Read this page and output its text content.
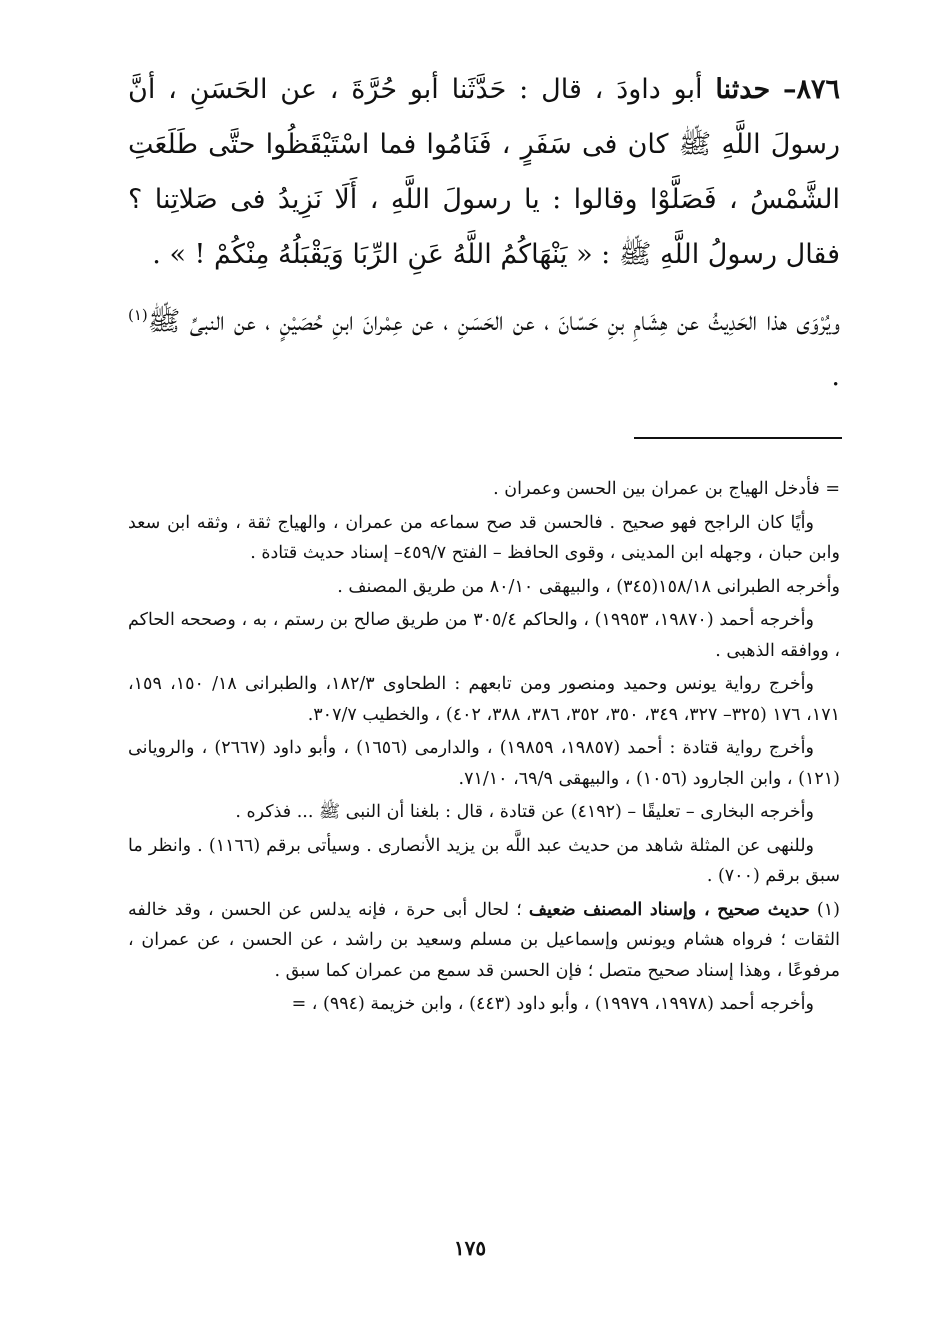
٨٧٦– حدثنا أبو داودَ ، قال : حَدَّثَنا أبو حُرَّةَ ، عن الحَسَنِ ، أنَّ رسولَ اللَّهِ ﷺ كان فى سَفَرٍ ، فَنَامُوا فما اسْتَيْقَظُوا حتَّى طَلَعَتِ الشَّمْسُ ، فَصَلَّوْا وقالوا : يا رسولَ اللَّهِ ، أَلَا نَزِيدُ فى صَلاتِنا ؟ فقال رسولُ اللَّهِ ﷺ : « يَنْهَاكُمُ اللَّهُ عَنِ الرِّبَا وَيَقْبَلُهُ مِنْكُمْ ! » .

ويُرْوَى هذا الحَدِيثُ عن هِشَامِ بنِ حَسّانَ ، عن الحَسَنِ ، عن عِمْرانَ ابنِ حُصَيْنٍ ، عن النبىِّ ﷺ$^{(١)}$ .

= فأدخل الهياج بن عمران بين الحسن وعمران .

وأيًا كان الراجح فهو صحيح . فالحسن قد صح سماعه من عمران ، والهياج ثقة ، وثقه ابن سعد وابن حبان ، وجهله ابن المدينى ، وقوى الحافظ – الفتح ٤٥٩/٧– إسناد حديث قتادة .

وأخرجه الطبرانى ١٥٨/١٨(٣٤٥) ، والبيهقى ٨٠/١٠ من طريق المصنف .

وأخرجه أحمد (١٩٨٧٠، ١٩٩٥٣) ، والحاكم ٣٠٥/٤ من طريق صالح بن رستم ، به ، وصححه الحاكم ، ووافقه الذهبى .

وأخرج رواية يونس وحميد ومنصور ومن تابعهم : الطحاوى ١٨٢/٣، والطبرانى ١٨/ ١٥٠، ١٥٩، ١٧١، ١٧٦ (٣٢٥– ٣٢٧، ٣٤٩، ٣٥٠، ٣٥٢، ٣٨٦، ٣٨٨، ٤٠٢) ، والخطيب ٣٠٧/٧.

وأخرج رواية قتادة : أحمد (١٩٨٥٧، ١٩٨٥٩) ، والدارمى (١٦٥٦) ، وأبو داود (٢٦٦٧) ، والرويانى (١٢١) ، وابن الجارود (١٠٥٦) ، والبيهقى ٦٩/٩، ٧١/١٠.

وأخرجه البخارى – تعليقًا – (٤١٩٢) عن قتادة ، قال : بلغنا أن النبى ﷺ ... فذكره .

وللنهى عن المثلة شاهد من حديث عبد اللَّه بن يزيد الأنصارى . وسيأتى برقم (١١٦٦) . وانظر ما سبق برقم (٧٠٠) .

(١) حديث صحيح ، وإسناد المصنف ضعيف ؛ لحال أبى حرة ، فإنه يدلس عن الحسن ، وقد خالفه الثقات ؛ فرواه هشام ويونس وإسماعيل بن مسلم وسعيد بن راشد ، عن الحسن ، عن عمران ، مرفوعًا ، وهذا إسناد صحيح متصل ؛ فإن الحسن قد سمع من عمران كما سبق .

وأخرجه أحمد (١٩٩٧٨، ١٩٩٧٩) ، وأبو داود (٤٤٣) ، وابن خزيمة (٩٩٤) ، =

١٧٥
